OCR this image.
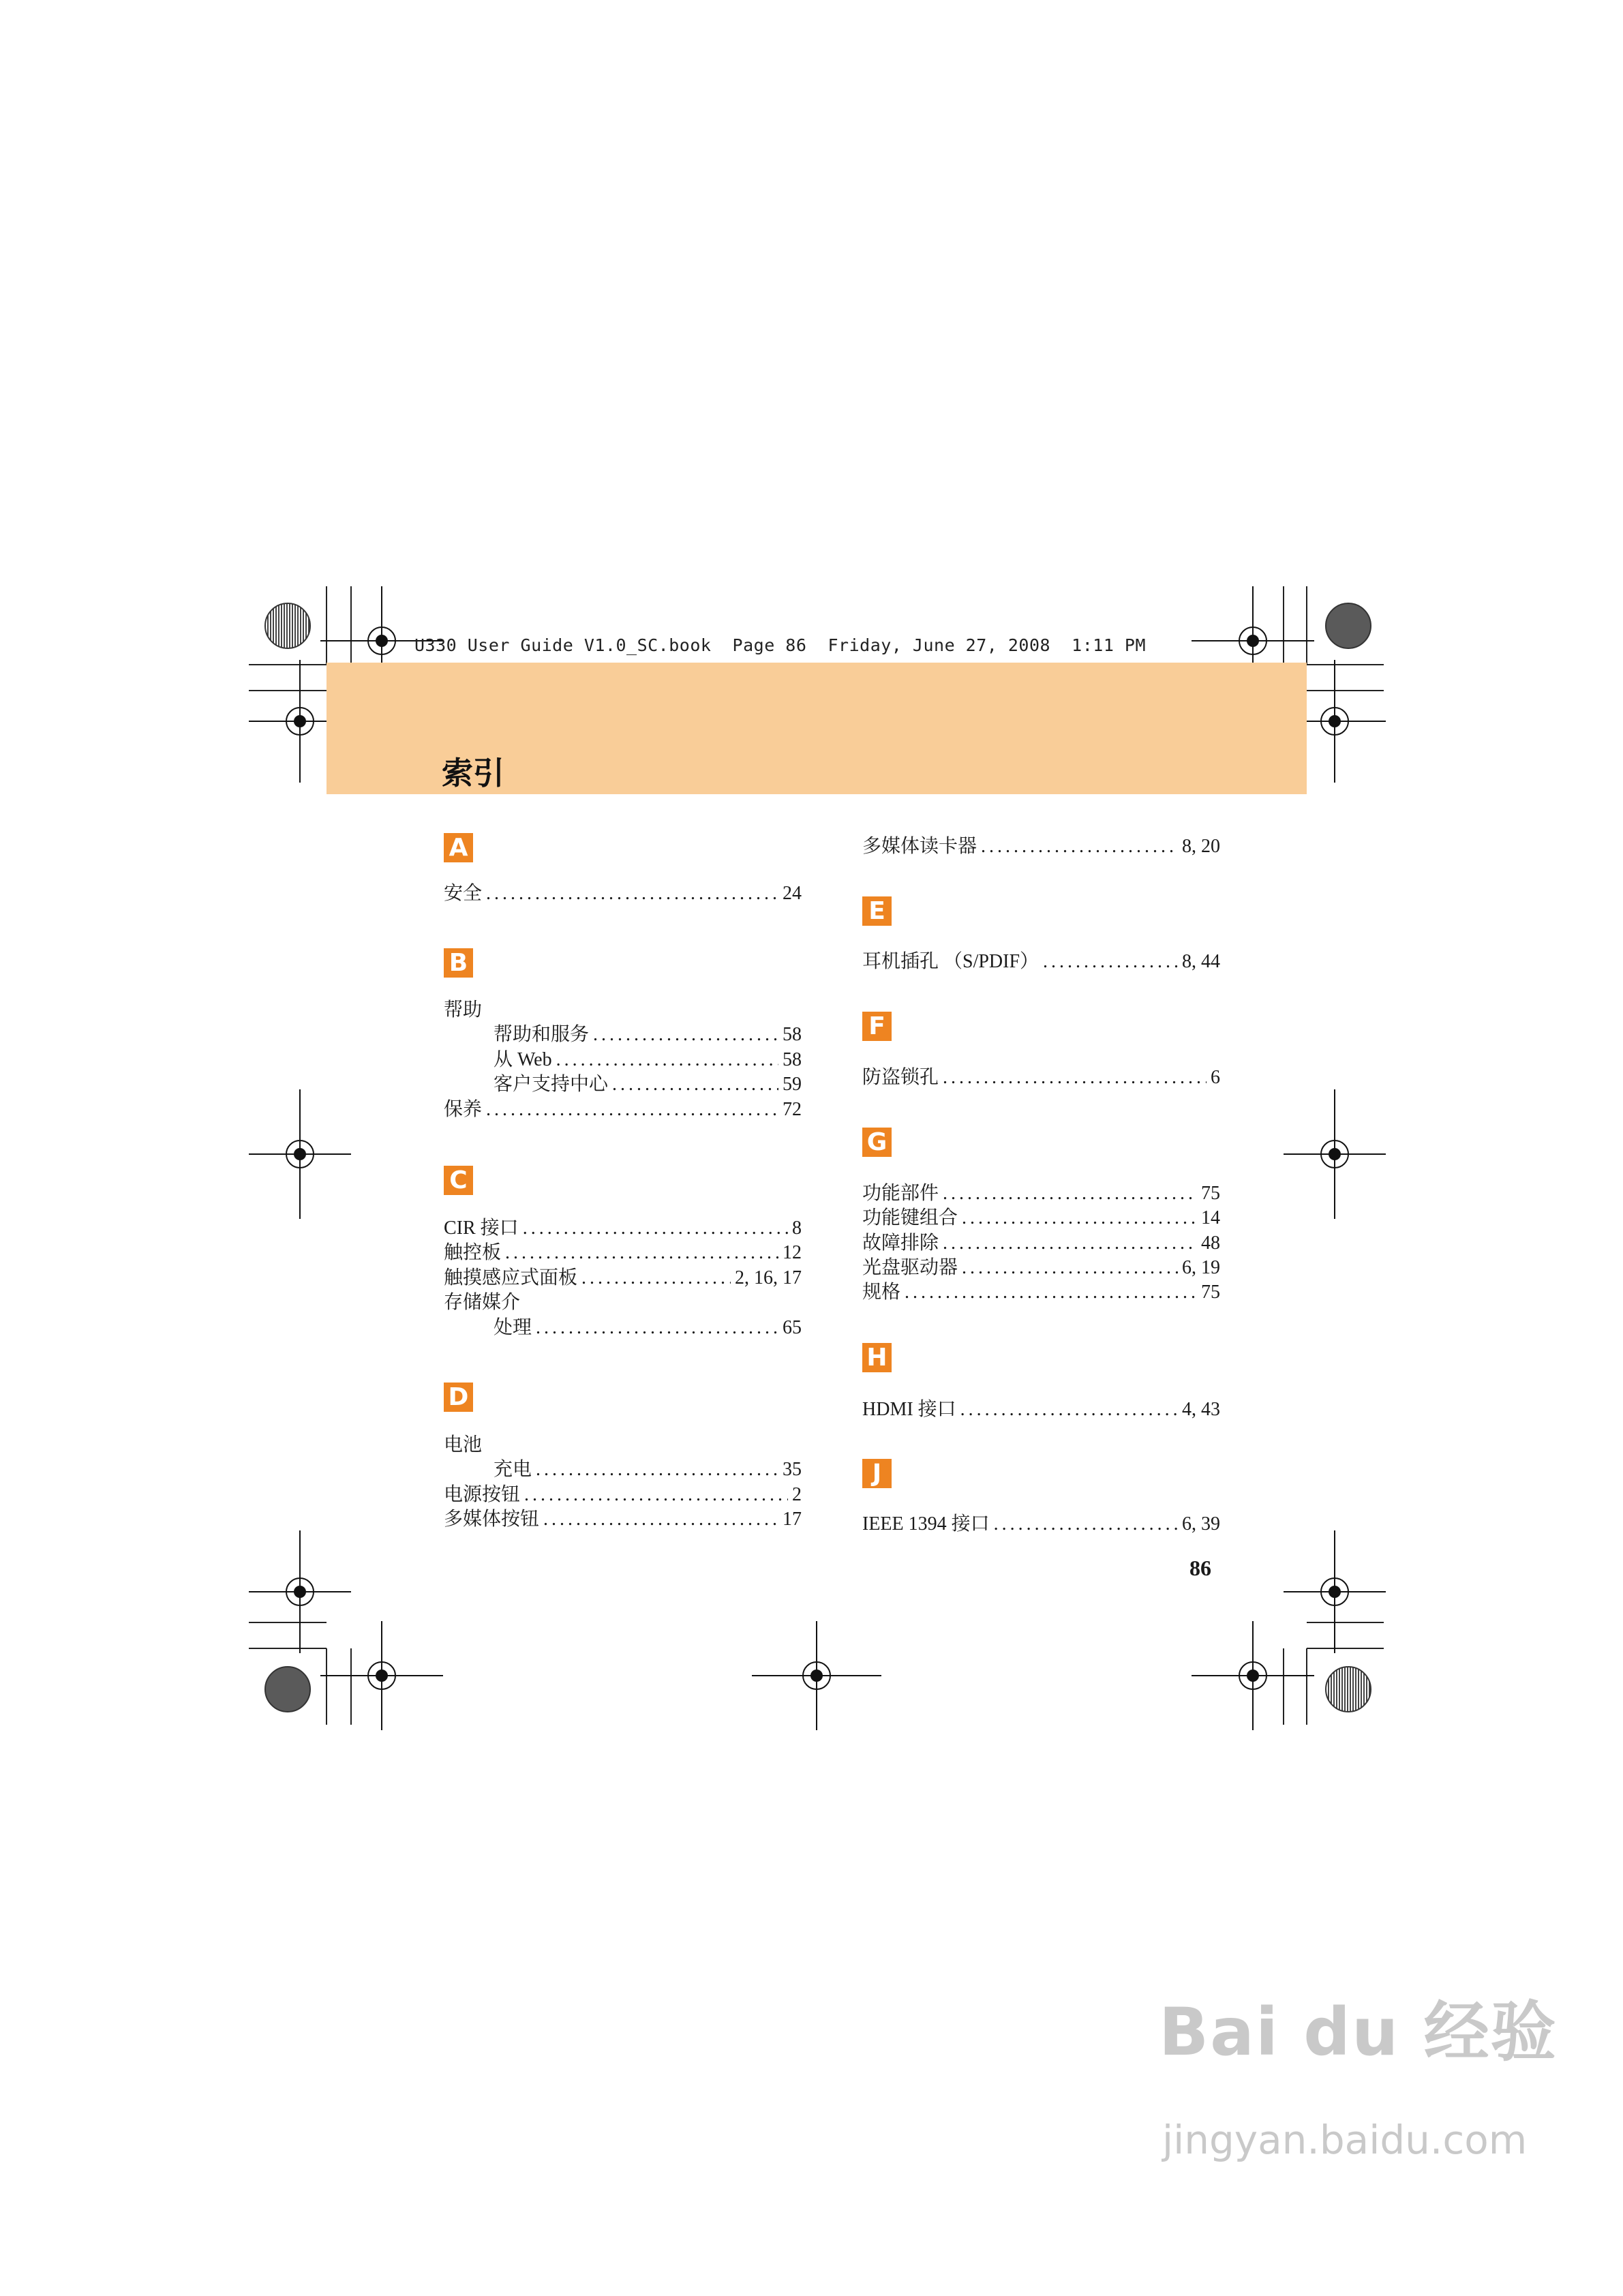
U330 User Guide V1.0_SC.book  Page 86  Friday, June 27, 2008  1:11 PM
索引
A
安全 . . .	24
B
帮助
帮助和服务 . . .	58
从 Web . . .	58
客户支持中心 . . .	59
保养 . . .	72
C
CIR 接口 . . .	8
触控板 . . .	12
触摸感应式面板 . . .	2, 16, 17
存储媒介
处理 . . .	65
D
电池
充电 . . .	35
电源按钮 . . .	2
多媒体按钮 . . .	17
多媒体读卡器 . . .	8, 20
E
耳机插孔 （S/PDIF） . . .	8, 44
F
防盗锁孔 . . .	6
G
功能部件 . . .	75
功能键组合 . . .	14
故障排除 . . .	48
光盘驱动器 . . .	6, 19
规格 . . .	75
H
HDMI 接口 . . .	4, 43
J
IEEE 1394 接口 . . .	6, 39
86
Bai du 经验
jingyan.baidu.com
